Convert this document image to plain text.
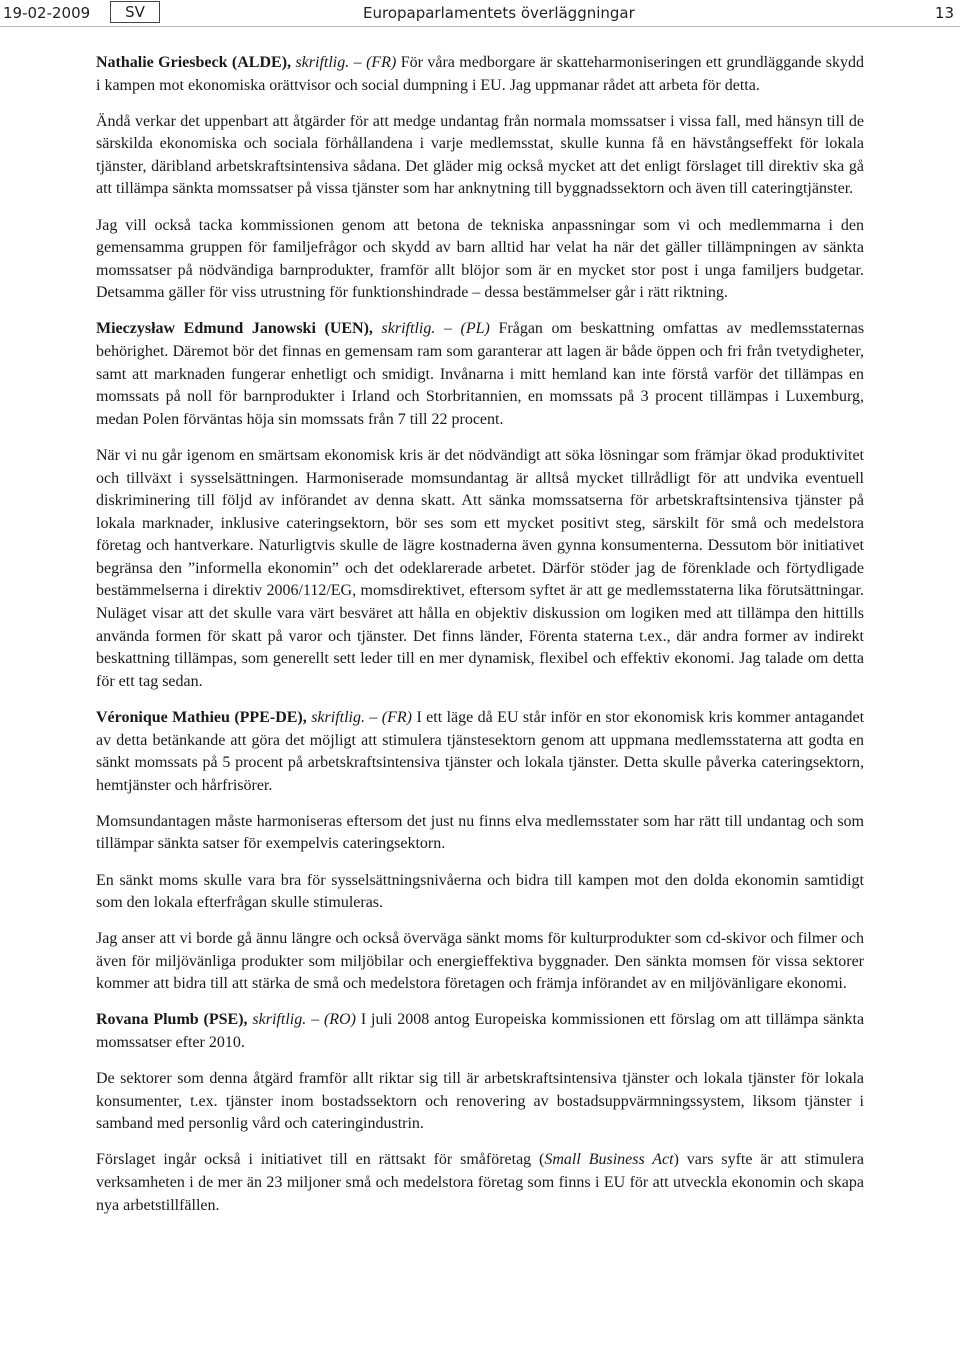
19-02-2009	SV	Europaparlamentets överläggningar	13

Nathalie Griesbeck (ALDE), skriftlig. – (FR) För våra medborgare är skatteharmoniseringen ett grundläggande skydd i kampen mot ekonomiska orättvisor och social dumpning i EU. Jag uppmanar rådet att arbeta för detta.

Ändå verkar det uppenbart att åtgärder för att medge undantag från normala momssatser i vissa fall, med hänsyn till de särskilda ekonomiska och sociala förhållandena i varje medlemsstat, skulle kunna få en hävstångseffekt för lokala tjänster, däribland arbetskraftsintensiva sådana. Det gläder mig också mycket att det enligt förslaget till direktiv ska gå att tillämpa sänkta momssatser på vissa tjänster som har anknytning till byggnadssektorn och även till cateringtjänster.

Jag vill också tacka kommissionen genom att betona de tekniska anpassningar som vi och medlemmarna i den gemensamma gruppen för familjefrågor och skydd av barn alltid har velat ha när det gäller tillämpningen av sänkta momssatser på nödvändiga barnprodukter, framför allt blöjor som är en mycket stor post i unga familjers budgetar. Detsamma gäller för viss utrustning för funktionshindrade – dessa bestämmelser går i rätt riktning.

Mieczysław Edmund Janowski (UEN), skriftlig. – (PL) Frågan om beskattning omfattas av medlemsstaternas behörighet. Däremot bör det finnas en gemensam ram som garanterar att lagen är både öppen och fri från tvetydigheter, samt att marknaden fungerar enhetligt och smidigt. Invånarna i mitt hemland kan inte förstå varför det tillämpas en momssats på noll för barnprodukter i Irland och Storbritannien, en momssats på 3 procent tillämpas i Luxemburg, medan Polen förväntas höja sin momssats från 7 till 22 procent.

När vi nu går igenom en smärtsam ekonomisk kris är det nödvändigt att söka lösningar som främjar ökad produktivitet och tillväxt i sysselsättningen. Harmoniserade momsundantag är alltså mycket tillrådligt för att undvika eventuell diskriminering till följd av införandet av denna skatt. Att sänka momssatserna för arbetskraftsintensiva tjänster på lokala marknader, inklusive cateringsektorn, bör ses som ett mycket positivt steg, särskilt för små och medelstora företag och hantverkare. Naturligtvis skulle de lägre kostnaderna även gynna konsumenterna. Dessutom bör initiativet begränsa den ”informella ekonomin” och det odeklarerade arbetet. Därför stöder jag de förenklade och förtydligade bestämmelserna i direktiv 2006/112/EG, momsdirektivet, eftersom syftet är att ge medlemsstaterna lika förutsättningar. Nuläget visar att det skulle vara värt besväret att hålla en objektiv diskussion om logiken med att tillämpa den hittills använda formen för skatt på varor och tjänster. Det finns länder, Förenta staterna t.ex., där andra former av indirekt beskattning tillämpas, som generellt sett leder till en mer dynamisk, flexibel och effektiv ekonomi. Jag talade om detta för ett tag sedan.

Véronique Mathieu (PPE-DE), skriftlig. – (FR) I ett läge då EU står inför en stor ekonomisk kris kommer antagandet av detta betänkande att göra det möjligt att stimulera tjänstesektorn genom att uppmana medlemsstaterna att godta en sänkt momssats på 5 procent på arbetskraftsintensiva tjänster och lokala tjänster. Detta skulle påverka cateringsektorn, hemtjänster och hårfrisörer.

Momsundantagen måste harmoniseras eftersom det just nu finns elva medlemsstater som har rätt till undantag och som tillämpar sänkta satser för exempelvis cateringsektorn.

En sänkt moms skulle vara bra för sysselsättningsnivåerna och bidra till kampen mot den dolda ekonomin samtidigt som den lokala efterfrågan skulle stimuleras.

Jag anser att vi borde gå ännu längre och också överväga sänkt moms för kulturprodukter som cd-skivor och filmer och även för miljövänliga produkter som miljöbilar och energieffektiva byggnader. Den sänkta momsen för vissa sektorer kommer att bidra till att stärka de små och medelstora företagen och främja införandet av en miljövänligare ekonomi.

Rovana Plumb (PSE), skriftlig. – (RO) I juli 2008 antog Europeiska kommissionen ett förslag om att tillämpa sänkta momssatser efter 2010.

De sektorer som denna åtgärd framför allt riktar sig till är arbetskraftsintensiva tjänster och lokala tjänster för lokala konsumenter, t.ex. tjänster inom bostadssektorn och renovering av bostadsuppvärmningssystem, liksom tjänster i samband med personlig vård och cateringindustrin.

Förslaget ingår också i initiativet till en rättsakt för småföretag (Small Business Act) vars syfte är att stimulera verksamheten i de mer än 23 miljoner små och medelstora företag som finns i EU för att utveckla ekonomin och skapa nya arbetstillfällen.
